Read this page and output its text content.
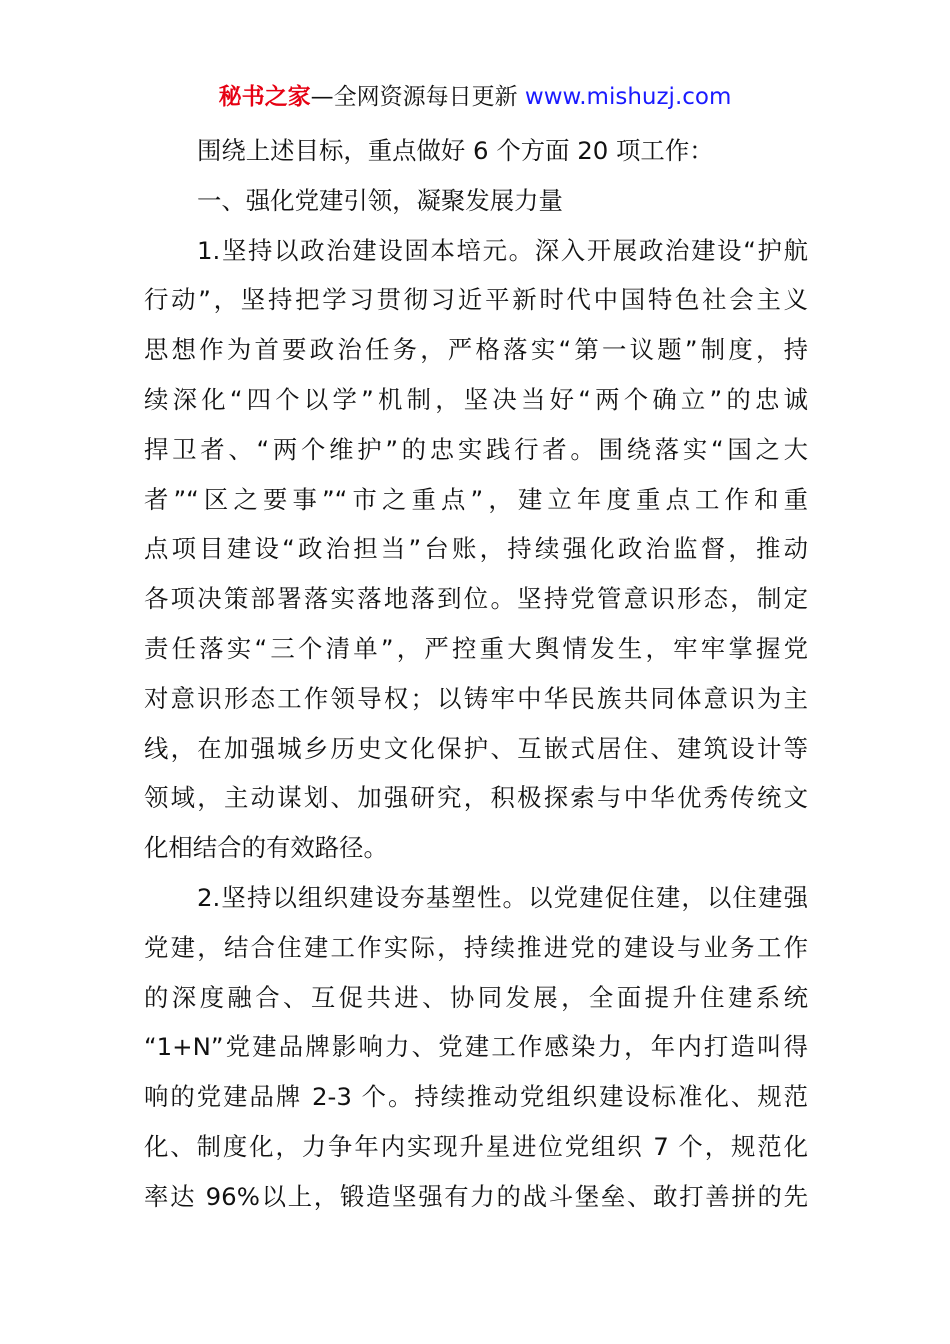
秘书之家—全网资源每日更新 www.mishuzj.com
围绕上述目标，重点做好 6 个方面 20 项工作：
一、强化党建引领，凝聚发展力量
1.坚持以政治建设固本培元。深入开展政治建设“护航
行动”，坚持把学习贯彻习近平新时代中国特色社会主义
思想作为首要政治任务，严格落实“第一议题”制度，持
续深化“四个以学”机制，坚决当好“两个确立”的忠诚
捍卫者、“两个维护”的忠实践行者。围绕落实“国之大
者”“区之要事”“市之重点”，建立年度重点工作和重
点项目建设“政治担当”台账，持续强化政治监督，推动
各项决策部署落实落地落到位。坚持党管意识形态，制定
责任落实“三个清单”，严控重大舆情发生，牢牢掌握党
对意识形态工作领导权；以铸牢中华民族共同体意识为主
线，在加强城乡历史文化保护、互嵌式居住、建筑设计等
领域，主动谋划、加强研究，积极探索与中华优秀传统文
化相结合的有效路径。
2.坚持以组织建设夯基塑性。以党建促住建，以住建强
党建，结合住建工作实际，持续推进党的建设与业务工作
的深度融合、互促共进、协同发展，全面提升住建系统
“1+N”党建品牌影响力、党建工作感染力，年内打造叫得
响的党建品牌 2-3 个。持续推动党组织建设标准化、规范
化、制度化，力争年内实现升星进位党组织 7 个，规范化
率达 96%以上，锻造坚强有力的战斗堡垒、敢打善拼的先
